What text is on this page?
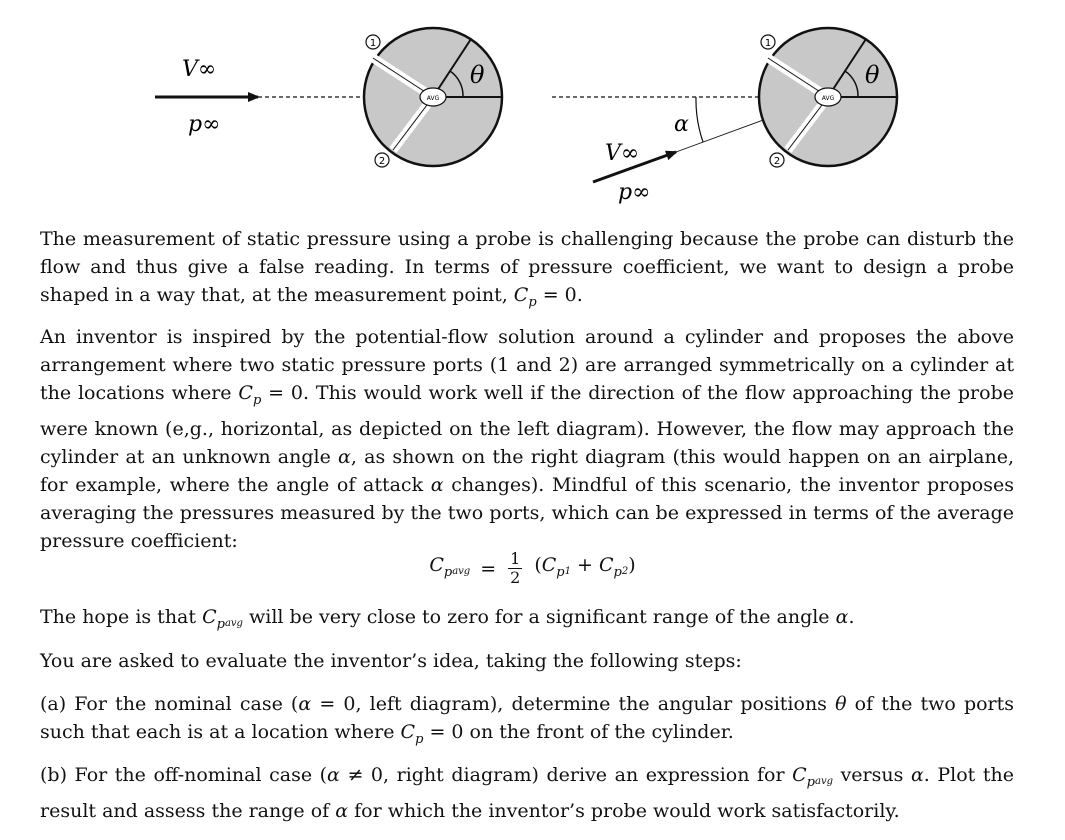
V∞
p∞
θ
AVG
1
2
α
V∞
p∞
θ
AVG
1
2

The measurement of static pressure using a probe is challenging because the probe can disturb the flow and thus give a false reading. In terms of pressure coefficient, we want to design a probe shaped in a way that, at the measurement point, $C_p = 0$.

An inventor is inspired by the potential-flow solution around a cylinder and proposes the above arrangement where two static pressure ports (1 and 2) are arranged symmetrically on a cylinder at the locations where $C_p = 0$. This would work well if the direction of the flow approaching the probe were known (e,g., horizontal, as depicted on the left diagram). However, the flow may approach the cylinder at an unknown angle α, as shown on the right diagram (this would happen on an airplane, for example, where the angle of attack α changes). Mindful of this scenario, the inventor proposes averaging the pressures measured by the two ports, which can be expressed in terms of the average pressure coefficient:

$C_pavg = \frac{1}{2} (C_p1 + C_p2)$

The hope is that $C_pavg$ will be very close to zero for a significant range of the angle α.

You are asked to evaluate the inventor’s idea, taking the following steps:

(a) For the nominal case (α = 0, left diagram), determine the angular positions θ of the two ports such that each is at a location where $C_p = 0$ on the front of the cylinder.

(b) For the off-nominal case (α ≠ 0, right diagram) derive an expression for $C_pavg$ versus α. Plot the result and assess the range of α for which the inventor’s probe would work satisfactorily.
